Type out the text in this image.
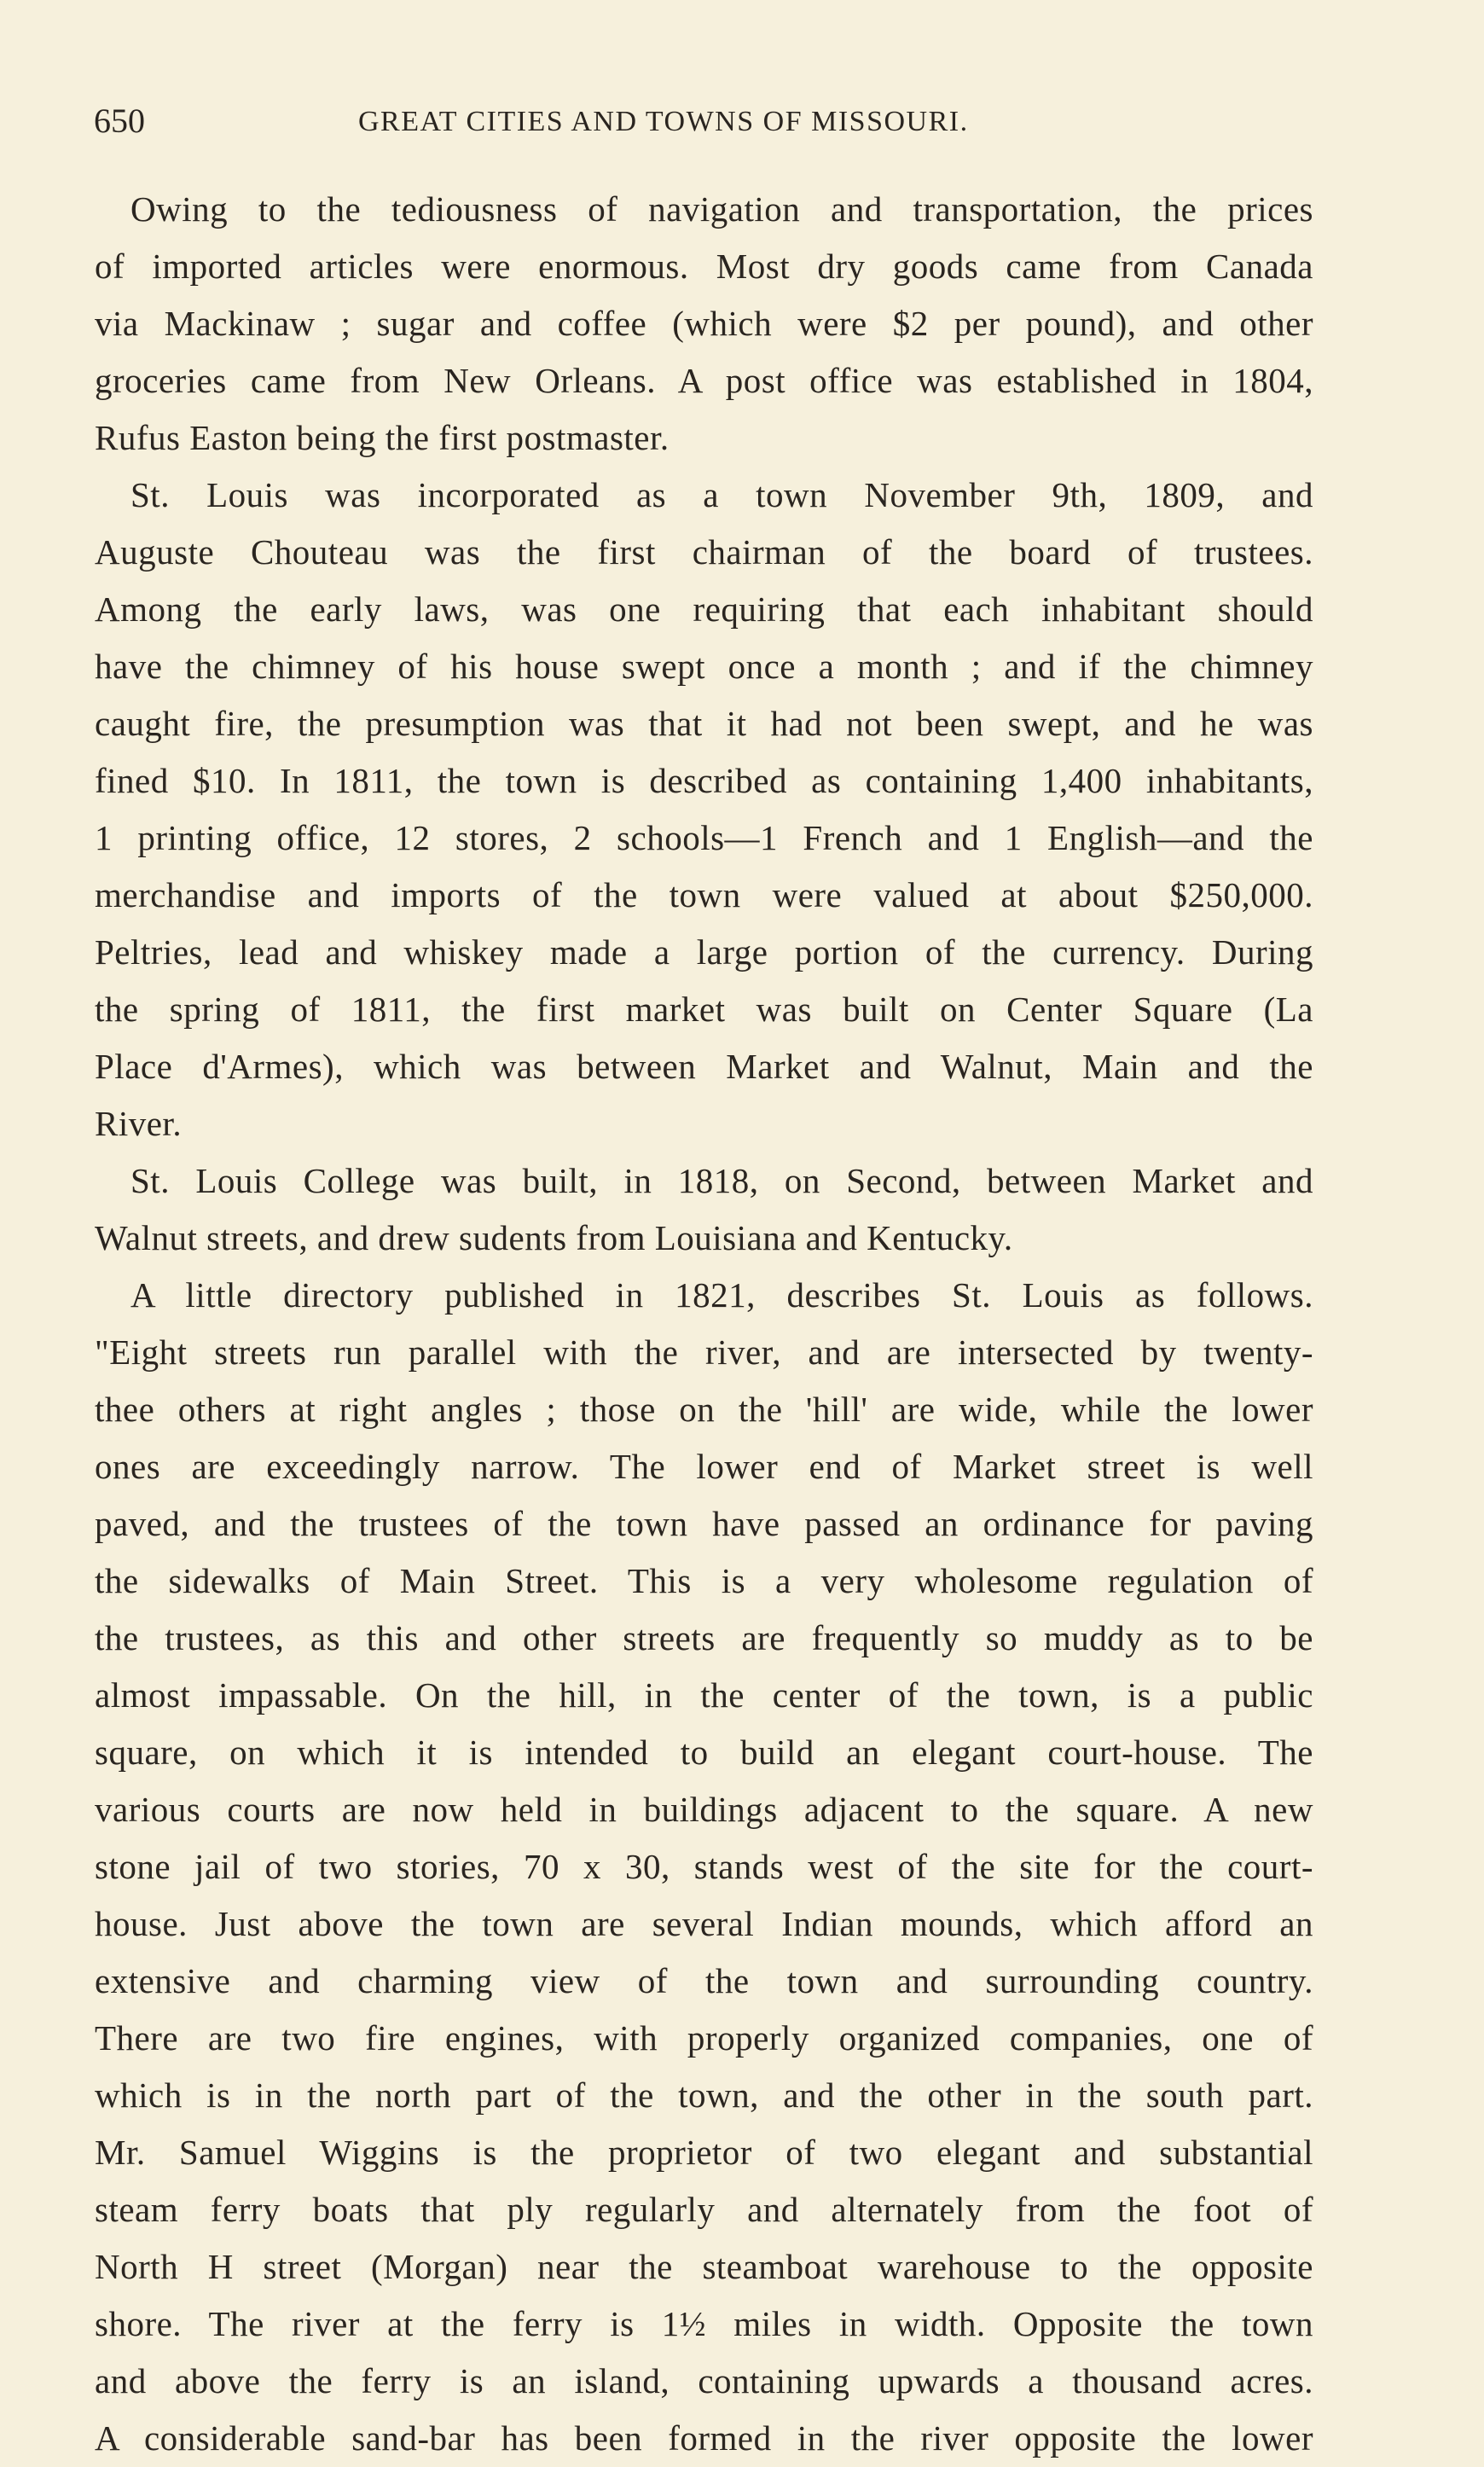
650	GREAT CITIES AND TOWNS OF MISSOURI.
Owing to the tediousness of navigation and transportation, the prices
of imported articles were enormous. Most dry goods came from Canada
via Mackinaw ; sugar and coffee (which were $2 per pound), and other
groceries came from New Orleans. A post office was established in 1804,
Rufus Easton being the first postmaster.
St. Louis was incorporated as a town November 9th, 1809, and
Auguste Chouteau was the first chairman of the board of trustees.
Among the early laws, was one requiring that each inhabitant should
have the chimney of his house swept once a month ; and if the chimney
caught fire, the presumption was that it had not been swept, and he was
fined $10. In 1811, the town is described as containing 1,400 inhabitants,
1 printing office, 12 stores, 2 schools—1 French and 1 English—and the
merchandise and imports of the town were valued at about $250,000.
Peltries, lead and whiskey made a large portion of the currency. During
the spring of 1811, the first market was built on Center Square (La
Place d'Armes), which was between Market and Walnut, Main and the
River.
St. Louis College was built, in 1818, on Second, between Market and
Walnut streets, and drew sudents from Louisiana and Kentucky.
A little directory published in 1821, describes St. Louis as follows.
"Eight streets run parallel with the river, and are intersected by twenty-
thee others at right angles ; those on the 'hill' are wide, while the lower
ones are exceedingly narrow. The lower end of Market street is well
paved, and the trustees of the town have passed an ordinance for paving
the sidewalks of Main Street. This is a very wholesome regulation of
the trustees, as this and other streets are frequently so muddy as to be
almost impassable. On the hill, in the center of the town, is a public
square, on which it is intended to build an elegant court-house. The
various courts are now held in buildings adjacent to the square. A new
stone jail of two stories, 70 x 30, stands west of the site for the court-
house. Just above the town are several Indian mounds, which afford an
extensive and charming view of the town and surrounding country.
There are two fire engines, with properly organized companies, one of
which is in the north part of the town, and the other in the south part.
Mr. Samuel Wiggins is the proprietor of two elegant and substantial
steam ferry boats that ply regularly and alternately from the foot of
North H street (Morgan) near the steamboat warehouse to the opposite
shore. The river at the ferry is 1½ miles in width. Opposite the town
and above the ferry is an island, containing upwards a thousand acres.
A considerable sand-bar has been formed in the river opposite the lower
